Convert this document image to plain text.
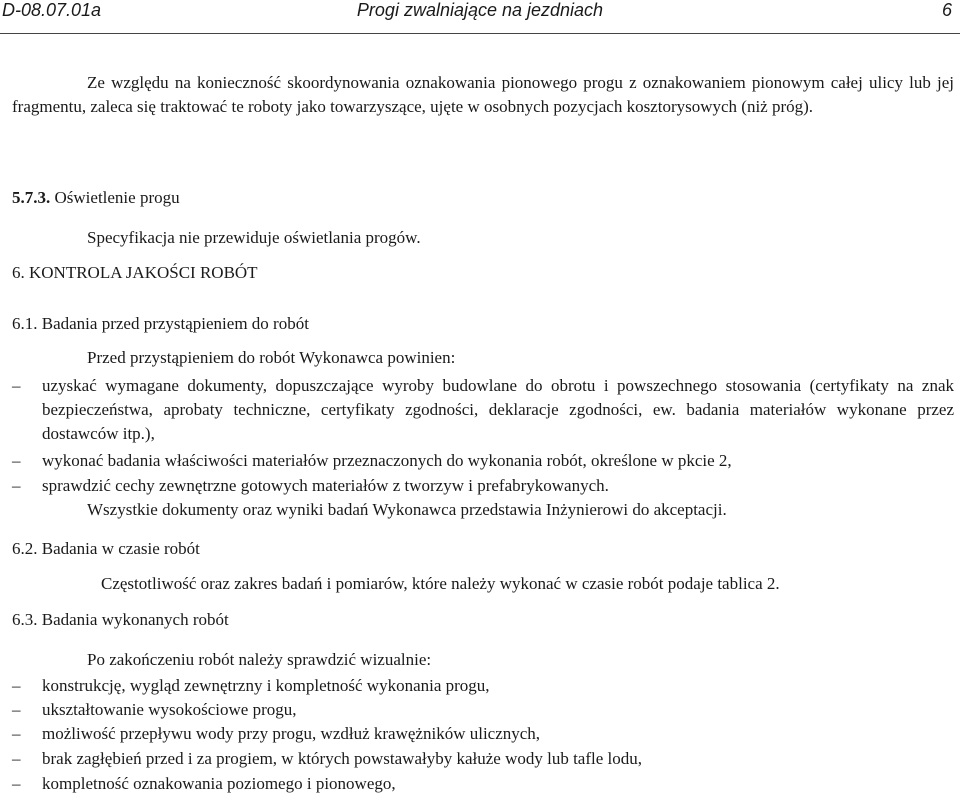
D-08.07.01a	Progi zwalniające na jezdniach	6

Ze względu na konieczność skoordynowania oznakowania pionowego progu z oznakowaniem pionowym całej ulicy lub jej fragmentu, zaleca się traktować te roboty jako towarzyszące, ujęte w osobnych pozycjach kosztorysowych (niż próg).

5.7.3. Oświetlenie progu

Specyfikacja nie przewiduje oświetlania progów.

6. KONTROLA JAKOŚCI ROBÓT

6.1. Badania przed przystąpieniem do robót

Przed przystąpieniem do robót Wykonawca powinien:

– uzyskać wymagane dokumenty, dopuszczające wyroby budowlane do obrotu i powszechnego stosowania (certyfikaty na znak bezpieczeństwa, aprobaty techniczne, certyfikaty zgodności, deklaracje zgodności, ew. badania materiałów wykonane przez dostawców itp.),
– wykonać badania właściwości materiałów przeznaczonych do wykonania robót, określone w pkcie 2,
– sprawdzić cechy zewnętrzne gotowych materiałów z tworzyw i prefabrykowanych.

Wszystkie dokumenty oraz wyniki badań Wykonawca przedstawia Inżynierowi do akceptacji.

6.2. Badania w czasie robót

Częstotliwość oraz zakres badań i pomiarów, które należy wykonać w czasie robót podaje tablica 2.

6.3. Badania wykonanych robót

Po zakończeniu robót należy sprawdzić wizualnie:

– konstrukcję, wygląd zewnętrzny i kompletność wykonania progu,
– ukształtowanie wysokościowe progu,
– możliwość przepływu wody przy progu, wzdłuż krawężników ulicznych,
– brak zagłębień przed i za progiem, w których powstawałyby kałuże wody lub tafle lodu,
– kompletność oznakowania poziomego i pionowego,
